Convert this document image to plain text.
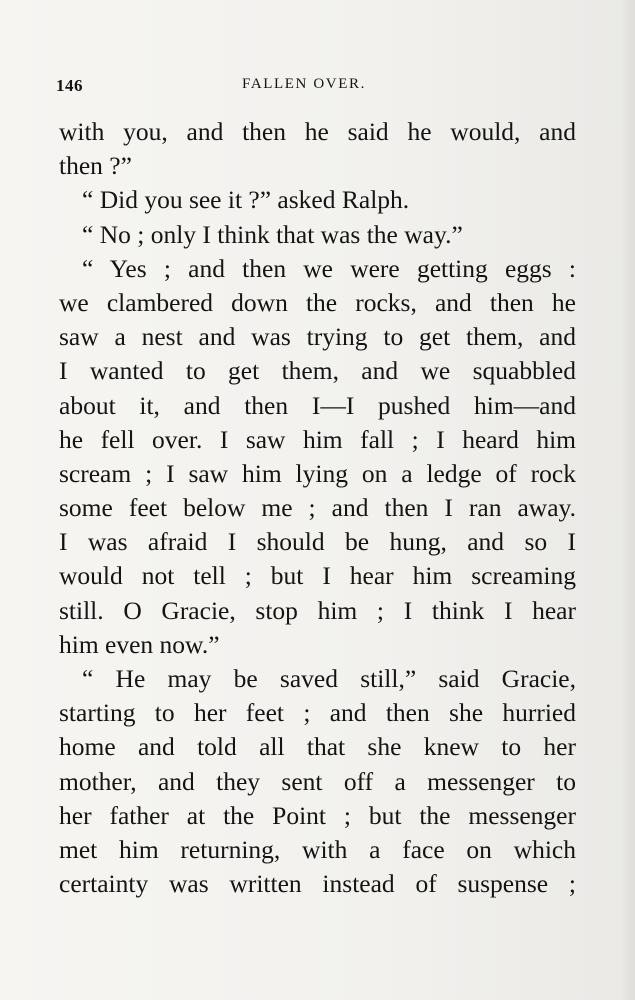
146	FALLEN OVER.
with you, and then he said he would, and
then ?”
“ Did you see it ?” asked Ralph.
“ No ; only I think that was the way.”
“ Yes ; and then we were getting eggs :
we clambered down the rocks, and then he
saw a nest and was trying to get them, and
I wanted to get them, and we squabbled
about it, and then I—I pushed him—and
he fell over. I saw him fall ; I heard him
scream ; I saw him lying on a ledge of rock
some feet below me ; and then I ran away.
I was afraid I should be hung, and so I
would not tell ; but I hear him screaming
still. O Gracie, stop him ; I think I hear
him even now.”
“ He may be saved still,” said Gracie,
starting to her feet ; and then she hurried
home and told all that she knew to her
mother, and they sent off a messenger to
her father at the Point ; but the messenger
met him returning, with a face on which
certainty was written instead of suspense ;
